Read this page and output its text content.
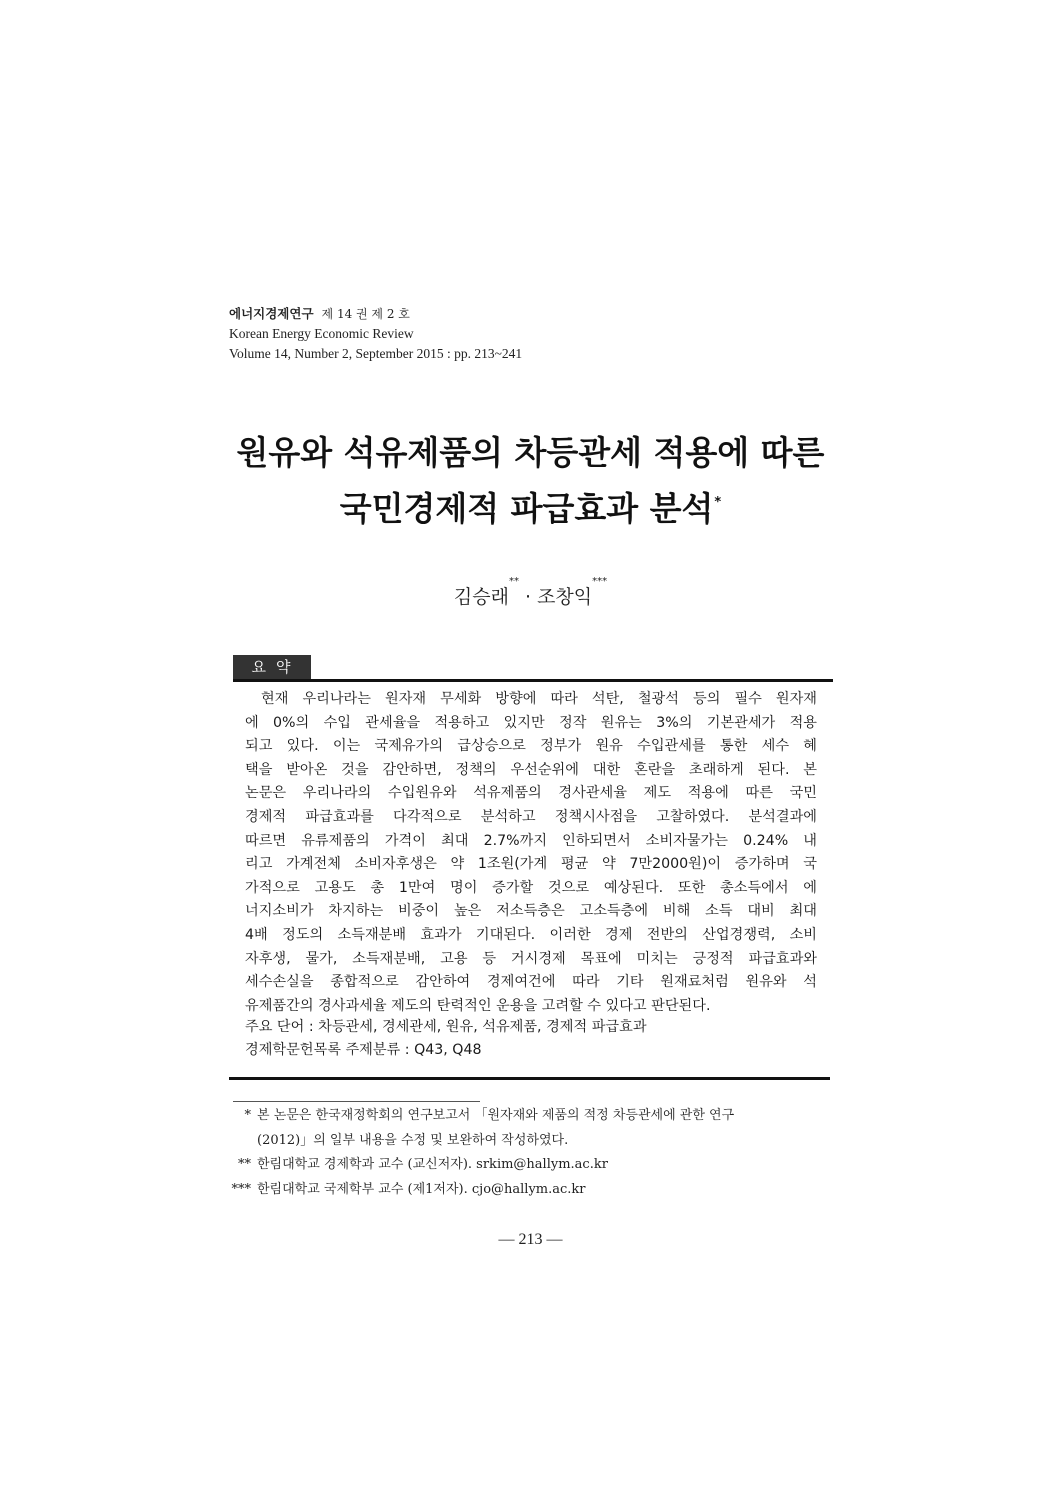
에너지경제연구 제 14 권 제 2 호
Korean Energy Economic Review
Volume 14, Number 2, September 2015 : pp. 213~241
원유와 석유제품의 차등관세 적용에 따른
국민경제적 파급효과 분석*
김승래** · 조창익***
요약
현재 우리나라는 원자재 무세화 방향에 따라 석탄, 철광석 등의 필수 원자재
에 0%의 수입 관세율을 적용하고 있지만 정작 원유는 3%의 기본관세가 적용
되고 있다. 이는 국제유가의 급상승으로 정부가 원유 수입관세를 통한 세수 혜
택을 받아온 것을 감안하면, 정책의 우선순위에 대한 혼란을 초래하게 된다. 본
논문은 우리나라의 수입원유와 석유제품의 경사관세율 제도 적용에 따른 국민
경제적 파급효과를 다각적으로 분석하고 정책시사점을 고찰하였다. 분석결과에
따르면 유류제품의 가격이 최대 2.7%까지 인하되면서 소비자물가는 0.24% 내
리고 가계전체 소비자후생은 약 1조원(가계 평균 약 7만2000원)이 증가하며 국
가적으로 고용도 총 1만여 명이 증가할 것으로 예상된다. 또한 총소득에서 에
너지소비가 차지하는 비중이 높은 저소득층은 고소득층에 비해 소득 대비 최대
4배 정도의 소득재분배 효과가 기대된다. 이러한 경제 전반의 산업경쟁력, 소비
자후생, 물가, 소득재분배, 고용 등 거시경제 목표에 미치는 긍정적 파급효과와
세수손실을 종합적으로 감안하여 경제여건에 따라 기타 원재료처럼 원유와 석
유제품간의 경사과세율 제도의 탄력적인 운용을 고려할 수 있다고 판단된다.
주요 단어 : 차등관세, 경세관세, 원유, 석유제품, 경제적 파급효과
경제학문헌목록 주제분류 : Q43, Q48
* 본 논문은 한국재정학회의 연구보고서 「원자재와 제품의 적정 차등관세에 관한 연구
(2012)」의 일부 내용을 수정 및 보완하여 작성하였다.
** 한림대학교 경제학과 교수 (교신저자). srkim@hallym.ac.kr
*** 한림대학교 국제학부 교수 (제1저자). cjo@hallym.ac.kr
― 213 ―
